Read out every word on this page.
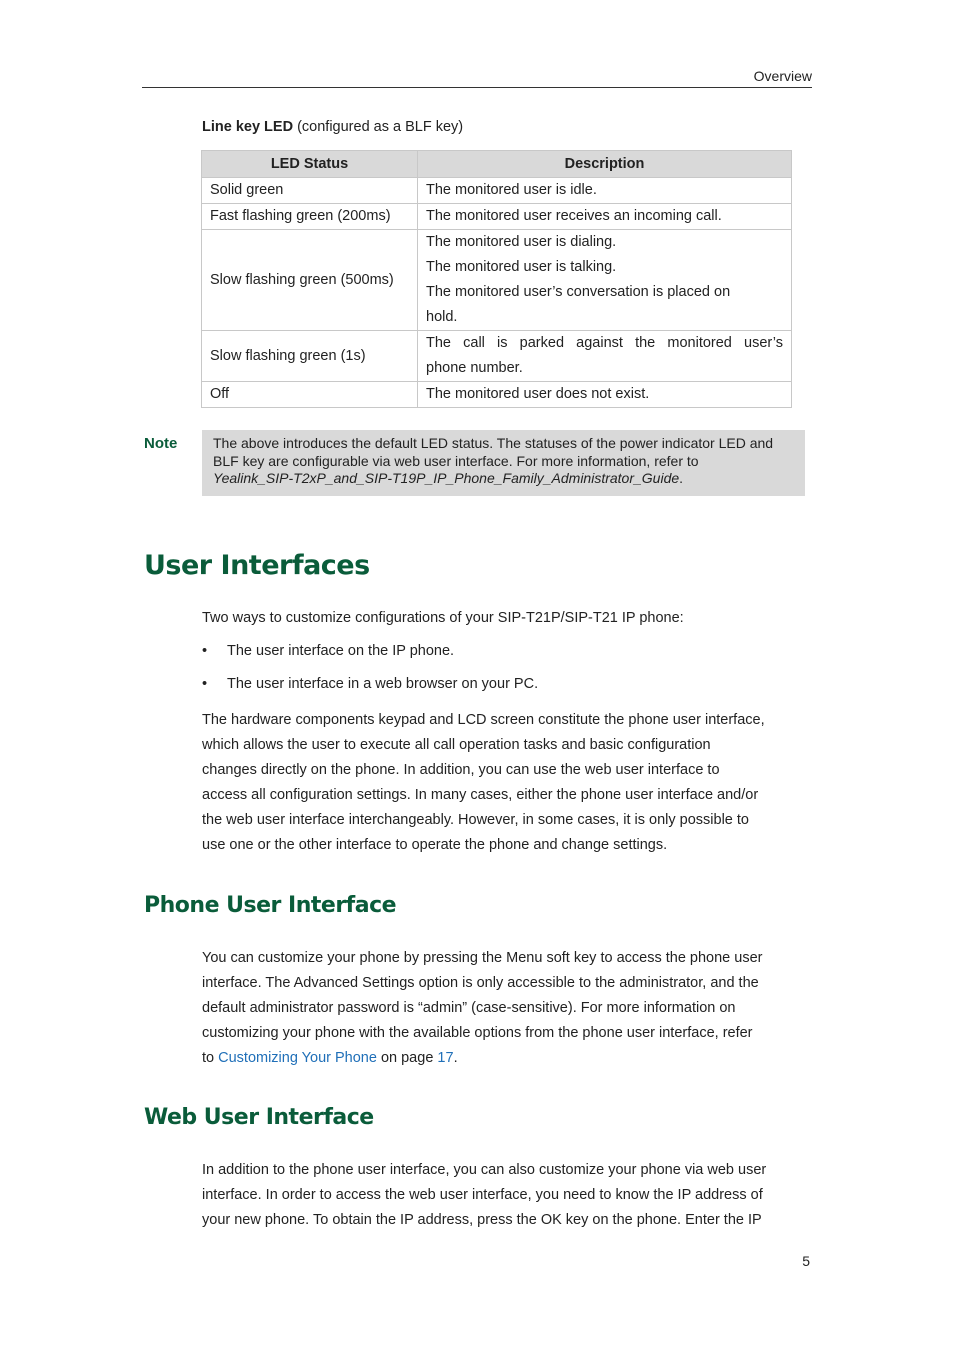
Overview
Line key LED (configured as a BLF key)
LED Status	Description
Solid green	The monitored user is idle.
Fast flashing green (200ms)	The monitored user receives an incoming call.
Slow flashing green (500ms)	The monitored user is dialing.
The monitored user is talking.
The monitored user’s conversation is placed on
hold.

Slow flashing green (1s)	The call is parked against the monitored user’s
phone number.

Off	The monitored user does not exist.
Note	The above introduces the default LED status. The statuses of the power indicator LED and
BLF key are configurable via web user interface. For more information, refer to
Yealink_SIP-T2xP_and_SIP-T19P_IP_Phone_Family_Administrator_Guide.
User Interfaces
Two ways to customize configurations of your SIP-T21P/SIP-T21 IP phone:
• The user interface on the IP phone.
• The user interface in a web browser on your PC.
The hardware components keypad and LCD screen constitute the phone user interface,
which allows the user to execute all call operation tasks and basic configuration
changes directly on the phone. In addition, you can use the web user interface to
access all configuration settings. In many cases, either the phone user interface and/or
the web user interface interchangeably. However, in some cases, it is only possible to
use one or the other interface to operate the phone and change settings.
Phone User Interface
You can customize your phone by pressing the Menu soft key to access the phone user
interface. The Advanced Settings option is only accessible to the administrator, and the
default administrator password is “admin” (case-sensitive). For more information on
customizing your phone with the available options from the phone user interface, refer
to Customizing Your Phone on page 17.
Web User Interface
In addition to the phone user interface, you can also customize your phone via web user
interface. In order to access the web user interface, you need to know the IP address of
your new phone. To obtain the IP address, press the OK key on the phone. Enter the IP
5
